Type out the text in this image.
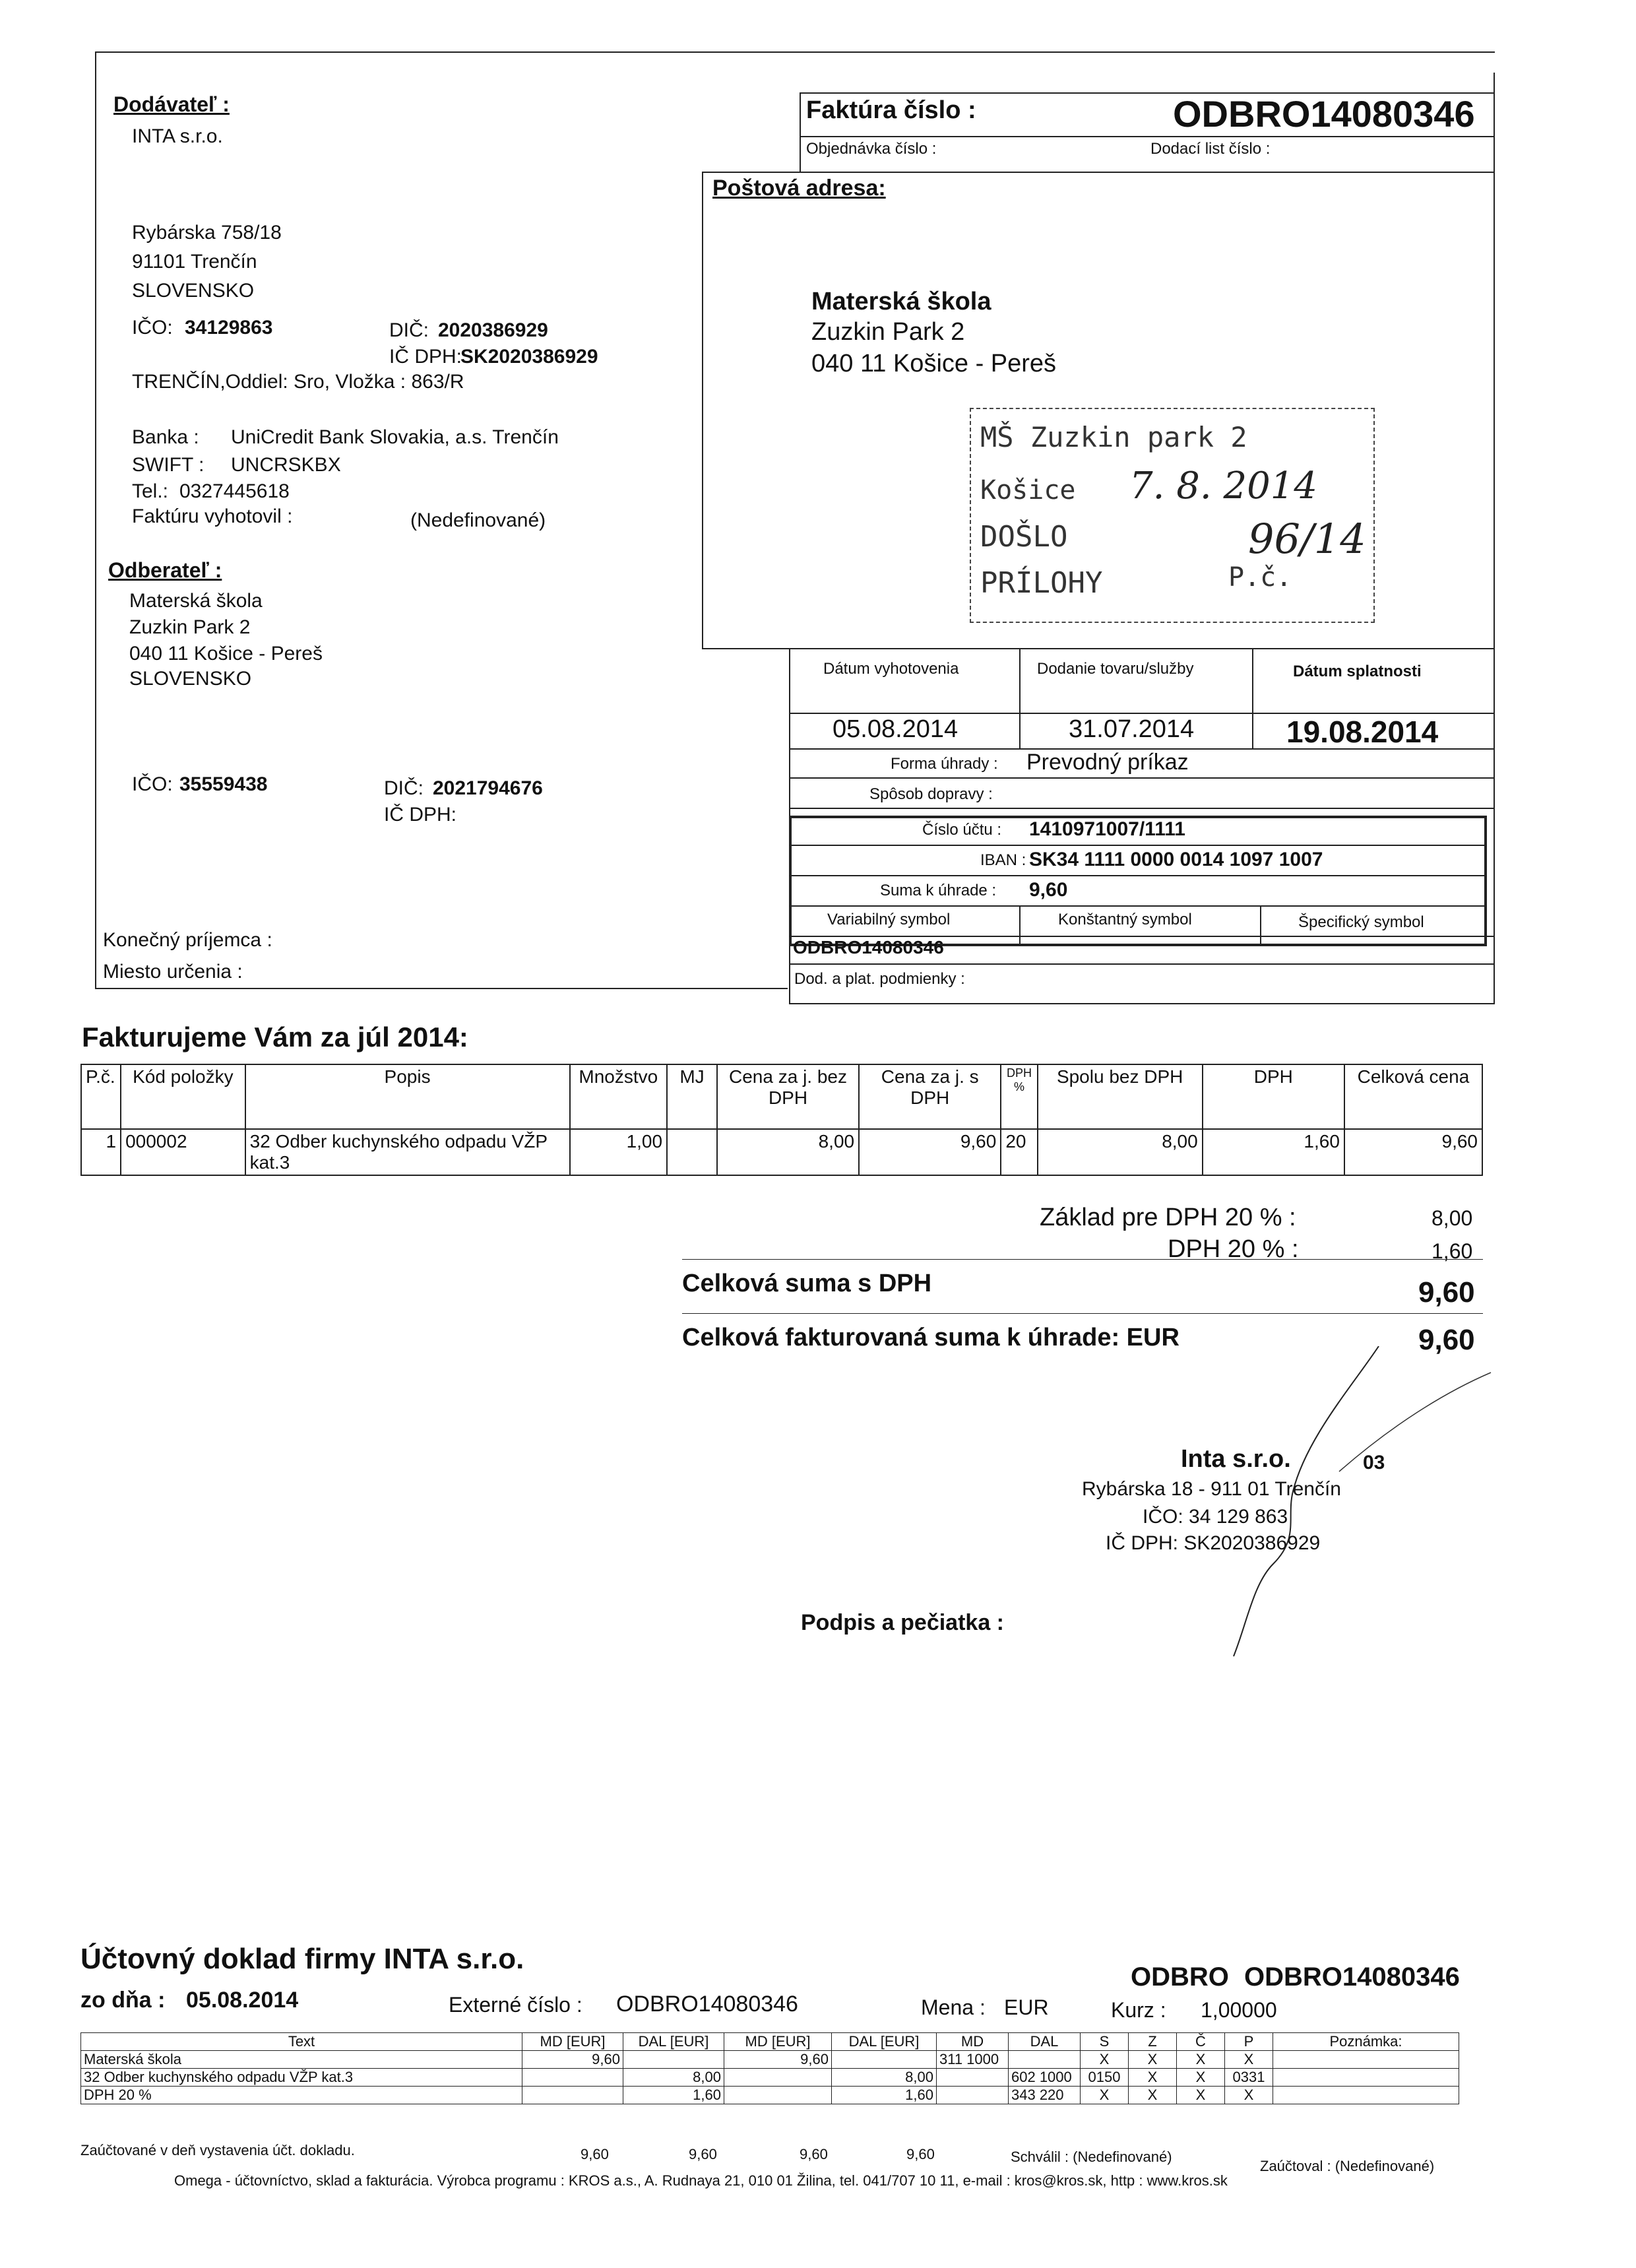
Dodávateľ :
INTA s.r.o.
Rybárska 758/18
91101 Trenčín
SLOVENSKO
IČO: 34129863	DIČ: 2020386929
IČ DPH:
SK2020386929
TRENČÍN,Oddiel: Sro, Vložka : 863/R
Banka : UniCredit Bank Slovakia, a.s. Trenčín
SWIFT : UNCRSKBX
Tel.: 0327445618
Faktúru vyhotovil :	(Nedefinované)
Odberateľ :
Materská škola
Zuzkin Park 2
040 11 Košice - Pereš
SLOVENSKO
IČO: 35559438	DIČ: 2021794676
IČ DPH:
Konečný príjemca :
Miesto určenia :
Faktúra číslo :	ODBRO14080346
Objednávka číslo :	Dodací list číslo :
Poštová adresa:
Materská škola
Zuzkin Park 2
040 11 Košice - Pereš
MŠ Zuzkin park 2
Košice 7. 8. 2014
DOŠLO
PRÍLOHY	P.č.
96/14
Dátum vyhotovenia	Dodanie tovaru/služby	Dátum splatnosti
05.08.2014	31.07.2014	19.08.2014
Forma úhrady : Prevodný príkaz
Spôsob dopravy :
Číslo účtu : 1410971007/1111
IBAN : SK34 1111 0000 0014 1097 1007
Suma k úhrade : 9,60
Variabilný symbol	Konštantný symbol	Špecifický symbol
ODBRO14080346
Dod. a plat. podmienky :
Fakturujeme Vám za júl 2014:
P.č.	Kód položky	Popis	Množstvo	MJ	Cena za j. bez DPH	Cena za j. s DPH	DPH %	Spolu bez DPH	DPH	Celková cena
1	000002	32 Odber kuchynského odpadu VŽP kat.3	1,00		8,00	9,60	20	8,00	1,60	9,60
Základ pre DPH 20 % :	8,00
DPH 20 % :	1,60
Celková suma s DPH	9,60
Celková fakturovaná suma k úhrade: EUR	9,60
Inta s.r.o.	03
Rybárska 18 - 911 01 Trenčín
IČO: 34 129 863
IČ DPH: SK2020386929
Podpis a pečiatka :
Účtovný doklad firmy INTA s.r.o.
zo dňa : 05.08.2014	Externé číslo : ODBRO14080346
ODBRO ODBRO14080346
Mena : EUR	Kurz : 1,00000
Text	MD [EUR]	DAL [EUR]	MD [EUR]	DAL [EUR]	MD	DAL	S	Z	Č	P	Poznámka:
Materská škola	9,60		9,60		311 1000		X	X	X	X	
32 Odber kuchynského odpadu VŽP kat.3		8,00		8,00		602 1000	0150	X	X	0331	
DPH 20 %		1,60		1,60		343 220	X	X	X	X	
Zaúčtované v deň vystavenia účt. dokladu.	9,60	9,60	9,60	9,60	Schválil : (Nedefinované)
Zaúčtoval : (Nedefinované)
Omega - účtovníctvo, sklad a fakturácia. Výrobca programu : KROS a.s., A. Rudnaya 21, 010 01 Žilina, tel. 041/707 10 11, e-mail : kros@kros.sk, http : www.kros.sk
